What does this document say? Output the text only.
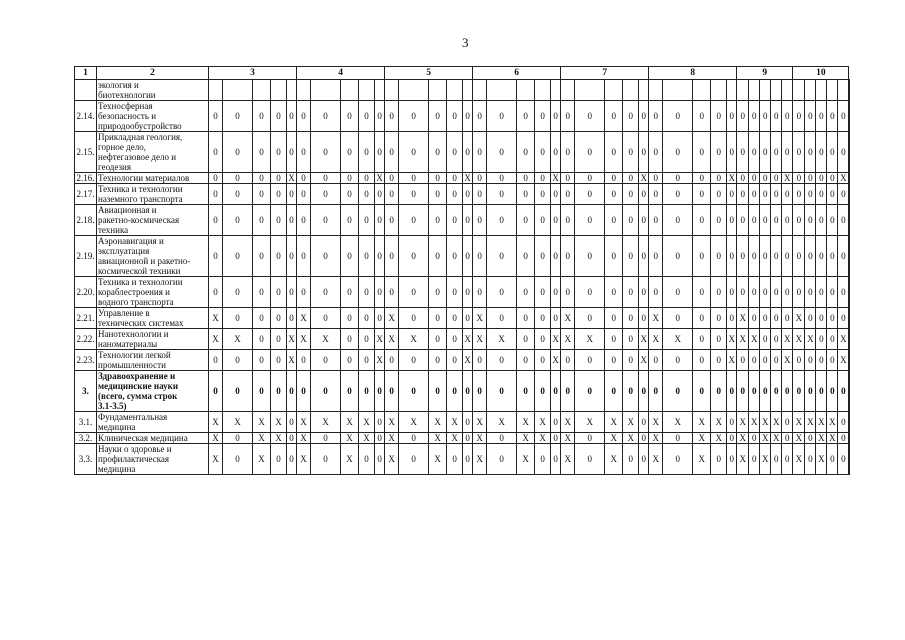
3
1	2	3					4					5					6					7					8					9					10					

	экология и
биотехнологии																																									

2.14.	Техносферная
безопасность и
природообустройство	0	0	0	0	0	0	0	0	0	0	0	0	0	0	0	0	0	0	0	0	0	0	0	0	0	0	0	0	0	0	0	0	0	0	0	0	0	0	0	0																				
2.15.	Прикладная геология,
горное дело,
нефтегазовое дело и
геодезия	0	0	0	0	0	0	0	0	0	0	0	0	0	0	0	0	0	0	0	0	0	0	0	0	0	0	0	0	0	0	0	0	0	0	0	0	0	0	0	0																				
2.16.	Технологии материалов	0	0	0	0	X	0	0	0	0	X	0	0	0	0	X	0	0	0	0	X	0	0	0	0	X	0	0	0	0	X	0	0	0	0	X	0	0	0	0	X																				
2.17.	Техника и технологии
наземного транспорта	0	0	0	0	0	0	0	0	0	0	0	0	0	0	0	0	0	0	0	0	0	0	0	0	0	0	0	0	0	0	0	0	0	0	0	0	0	0	0	0																				
2.18.	Авиационная и
ракетно-космическая
техника	0	0	0	0	0	0	0	0	0	0	0	0	0	0	0	0	0	0	0	0	0	0	0	0	0	0	0	0	0	0	0	0	0	0	0	0	0	0	0	0																				
2.19.	Аэронавигация и
эксплуатация
авиационной и ракетно-
космической техники	0	0	0	0	0	0	0	0	0	0	0	0	0	0	0	0	0	0	0	0	0	0	0	0	0	0	0	0	0	0	0	0	0	0	0	0	0	0	0	0																				
2.20.	Техника и технологии
кораблестроения и
водного транспорта	0	0	0	0	0	0	0	0	0	0	0	0	0	0	0	0	0	0	0	0	0	0	0	0	0	0	0	0	0	0	0	0	0	0	0	0	0	0	0	0																				
2.21.	Управление в
технических системах	X	0	0	0	0	X	0	0	0	0	X	0	0	0	0	X	0	0	0	0	X	0	0	0	0	X	0	0	0	0	X	0	0	0	0	X	0	0	0	0																				
2.22.	Нанотехнологии и
наноматериалы	X	X	0	0	X	X	X	0	0	X	X	X	0	0	X	X	X	0	0	X	X	X	0	0	X	X	X	0	0	X	X	X	0	0	X	X	X	0	0	X																				
2.23.	Технологии легкой
промышленности	0	0	0	0	X	0	0	0	0	X	0	0	0	0	X	0	0	0	0	X	0	0	0	0	X	0	0	0	0	X	0	0	0	0	X	0	0	0	0	X																				
3.	Здравоохранение и
медицинские науки
(всего, сумма строк
3.1-3.5)	0	0	0	0	0	0	0	0	0	0	0	0	0	0	0	0	0	0	0	0	0	0	0	0	0	0	0	0	0	0	0	0	0	0	0	0	0	0	0	0																				
3.1.	Фундаментальная
медицина	X	X	X	X	0	X	X	X	X	0	X	X	X	X	0	X	X	X	X	0	X	X	X	X	0	X	X	X	X	0	X	X	X	X	0	X	X	X	X	0																				
3.2.	Клиническая медицина	X	0	X	X	0	X	0	X	X	0	X	0	X	X	0	X	0	X	X	0	X	0	X	X	0	X	0	X	X	0	X	0	X	X	0	X	0	X	X	0																				
3.3.	Науки о здоровье и
профилактическая
медицина	X	0	X	0	0	X	0	X	0	0	X	0	X	0	0	X	0	X	0	0	X	0	X	0	0	X	0	X	0	0	X	0	X	0	0	X	0	X	0	0																				
